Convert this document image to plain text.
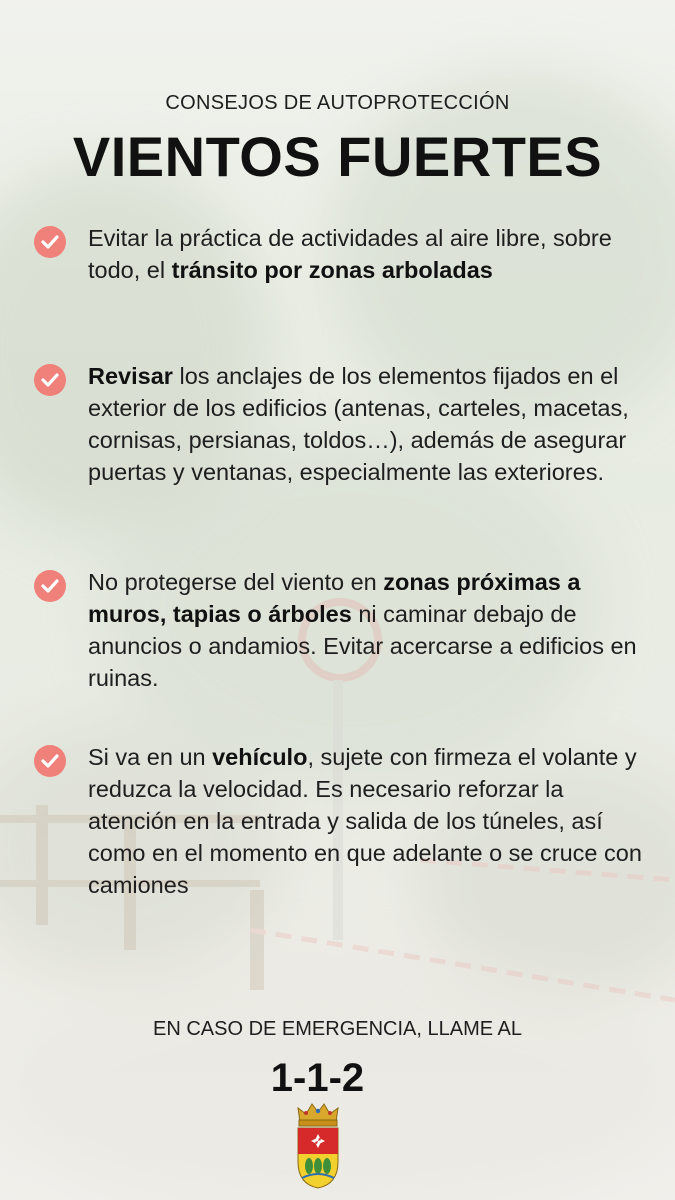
CONSEJOS DE AUTOPROTECCIÓN
VIENTOS FUERTES
Evitar la práctica de actividades al aire libre, sobre todo, el tránsito por zonas arboladas
Revisar los anclajes de los elementos fijados en el exterior de los edificios (antenas, carteles, macetas, cornisas, persianas, toldos…), además de asegurar puertas y ventanas, especialmente las exteriores.
No protegerse del viento en zonas próximas a muros, tapias o árboles ni caminar debajo de anuncios o andamios. Evitar acercarse a edificios en ruinas.
Si va en un vehículo, sujete con firmeza el volante y reduzca la velocidad. Es necesario reforzar la atención en la entrada y salida de los túneles, así como en el momento en que adelante o se cruce con camiones
EN CASO DE EMERGENCIA, LLAME AL
1-1-2
